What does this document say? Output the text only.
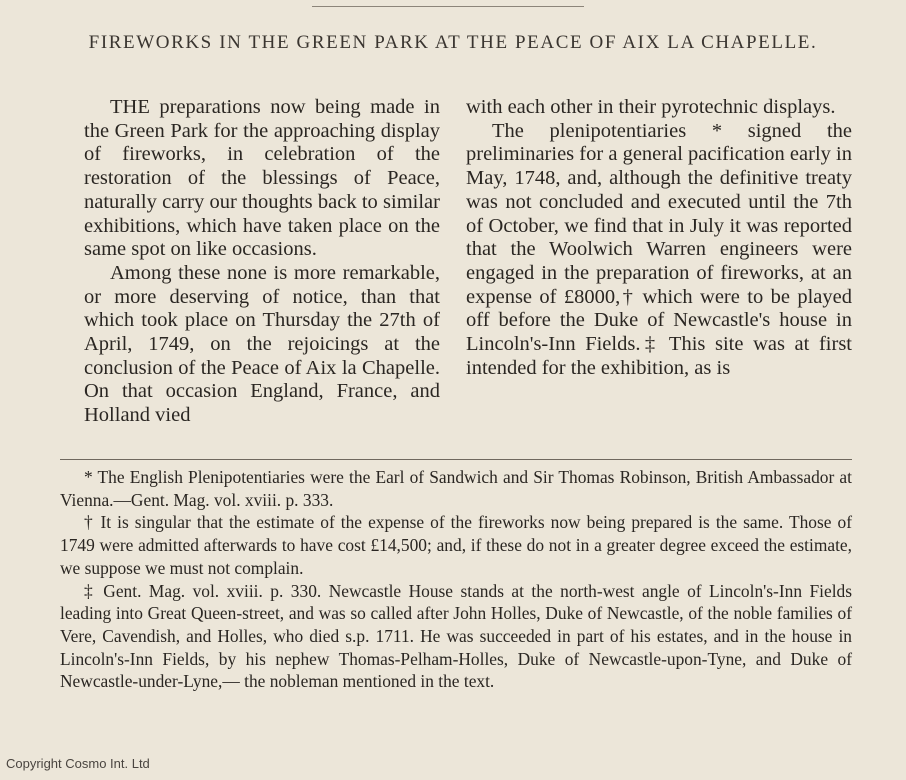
FIREWORKS IN THE GREEN PARK AT THE PEACE OF AIX LA CHAPELLE.

THE preparations now being made in the Green Park for the approaching display of fireworks, in celebration of the restoration of the blessings of Peace, naturally carry our thoughts back to similar exhibitions, which have taken place on the same spot on like occasions.

Among these none is more remarkable, or more deserving of notice, than that which took place on Thursday the 27th of April, 1749, on the rejoicings at the conclusion of the Peace of Aix la Chapelle. On that occasion England, France, and Holland vied

with each other in their pyrotechnic displays.

The plenipotentiaries * signed the preliminaries for a general pacification early in May, 1748, and, although the definitive treaty was not concluded and executed until the 7th of October, we find that in July it was reported that the Woolwich Warren engineers were engaged in the preparation of fireworks, at an expense of £8000,† which were to be played off before the Duke of Newcastle's house in Lincoln's-Inn Fields.‡ This site was at first intended for the exhibition, as is

* The English Plenipotentiaries were the Earl of Sandwich and Sir Thomas Robinson, British Ambassador at Vienna.—Gent. Mag. vol. xviii. p. 333.

† It is singular that the estimate of the expense of the fireworks now being prepared is the same. Those of 1749 were admitted afterwards to have cost £14,500; and, if these do not in a greater degree exceed the estimate, we suppose we must not complain.

‡ Gent. Mag. vol. xviii. p. 330. Newcastle House stands at the north-west angle of Lincoln's-Inn Fields leading into Great Queen-street, and was so called after John Holles, Duke of Newcastle, of the noble families of Vere, Cavendish, and Holles, who died s.p. 1711. He was succeeded in part of his estates, and in the house in Lincoln's-Inn Fields, by his nephew Thomas-Pelham-Holles, Duke of Newcastle-upon-Tyne, and Duke of Newcastle-under-Lyne,— the nobleman mentioned in the text.

Copyright Cosmo Int. Ltd
